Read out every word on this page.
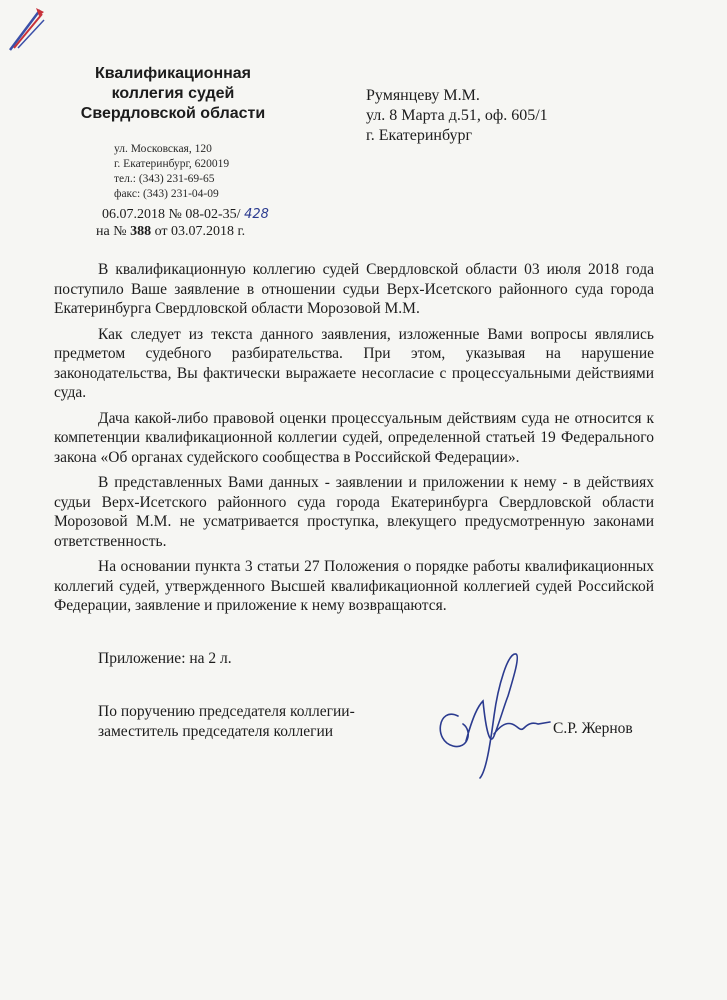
Квалификационная
коллегия судей
Свердловской области
ул. Московская, 120
г. Екатеринбург, 620019
тел.: (343) 231-69-65
факс: (343) 231-04-09
06.07.2018 № 08-02-35/ 428
на № 388 от 03.07.2018 г.
Румянцеву М.М.
ул. 8 Марта д.51, оф. 605/1
г. Екатеринбург

В квалификационную коллегию судей Свердловской области 03 июля 2018 года поступило Ваше заявление в отношении судьи Верх-Исетского районного суда города Екатеринбурга Свердловской области Морозовой М.М.

Как следует из текста данного заявления, изложенные Вами вопросы являлись предметом судебного разбирательства. При этом, указывая на нарушение законодательства, Вы фактически выражаете несогласие с процессуальными действиями суда.

Дача какой-либо правовой оценки процессуальным действиям суда не относится к компетенции квалификационной коллегии судей, определенной статьей 19 Федерального закона «Об органах судейского сообщества в Российской Федерации».

В представленных Вами данных - заявлении и приложении к нему - в действиях судьи Верх-Исетского районного суда города Екатеринбурга Свердловской области Морозовой М.М. не усматривается проступка, влекущего предусмотренную законами ответственность.

На основании пункта 3 статьи 27 Положения о порядке работы квалификационных коллегий судей, утвержденного Высшей квалификационной коллегией судей Российской Федерации, заявление и приложение к нему возвращаются.

Приложение: на 2 л.
По поручению председателя коллегии-
заместитель председателя коллегии	С.Р. Жернов
